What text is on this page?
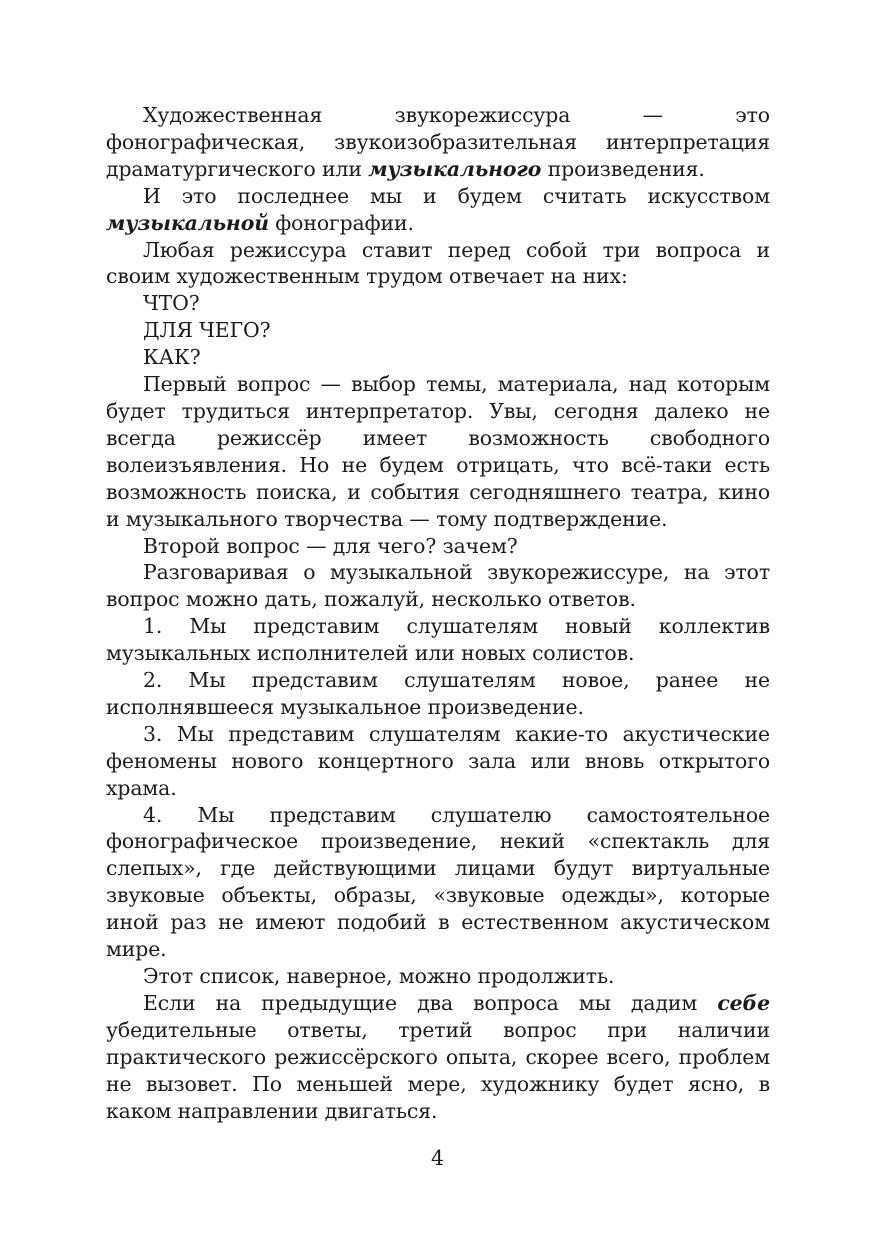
Художественная звукорежиссура — это фонографическая, звукоизобразительная интерпретация драматургического или музыкального произведения.

И это последнее мы и будем считать искусством музыкальной фонографии.

Любая режиссура ставит перед собой три вопроса и своим художественным трудом отвечает на них:

ЧТО?

ДЛЯ ЧЕГО?

КАК?

Первый вопрос — выбор темы, материала, над которым будет трудиться интерпретатор. Увы, сегодня далеко не всегда режиссёр имеет возможность свободного волеизъявления. Но не будем отрицать, что всё-таки есть возможность поиска, и события сегодняшнего театра, кино и музыкального творчества — тому подтверждение.

Второй вопрос — для чего? зачем?

Разговаривая о музыкальной звукорежиссуре, на этот вопрос можно дать, пожалуй, несколько ответов.

1. Мы представим слушателям новый коллектив музыкальных исполнителей или новых солистов.

2. Мы представим слушателям новое, ранее не исполнявшееся музыкальное произведение.

3. Мы представим слушателям какие-то акустические феномены нового концертного зала или вновь открытого храма.

4. Мы представим слушателю самостоятельное фонографическое произведение, некий «спектакль для слепых», где действующими лицами будут виртуальные звуковые объекты, образы, «звуковые одежды», которые иной раз не имеют подобий в естественном акустическом мире.

Этот список, наверное, можно продолжить.

Если на предыдущие два вопроса мы дадим себе убедительные ответы, третий вопрос при наличии практического режиссёрского опыта, скорее всего, проблем не вызовет. По меньшей мере, художнику будет ясно, в каком направлении двигаться.

4
